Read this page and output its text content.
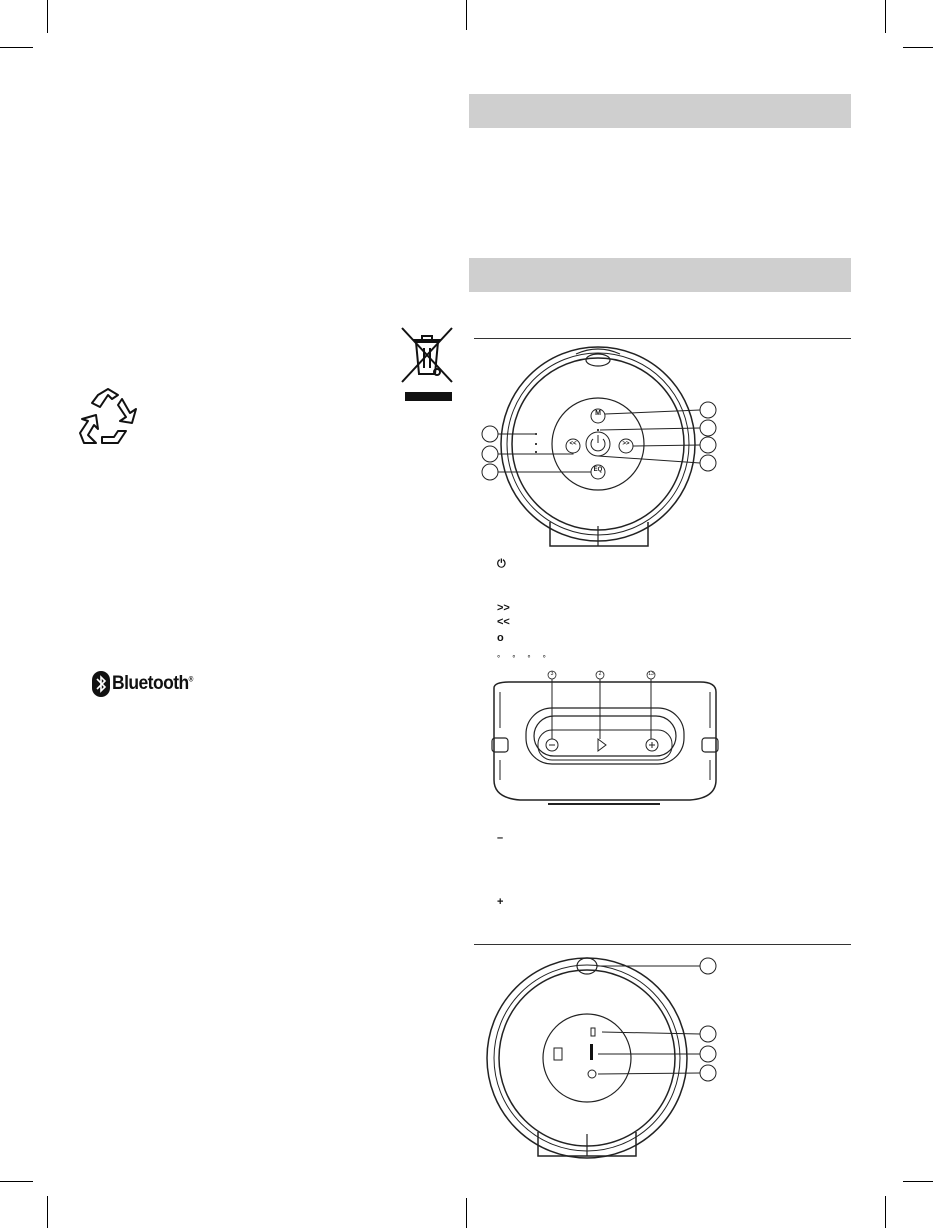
Bluetooth®
M
<<	>>
EQ
⏻
>>
<<
o
°°°°
3	2	13
–
+
